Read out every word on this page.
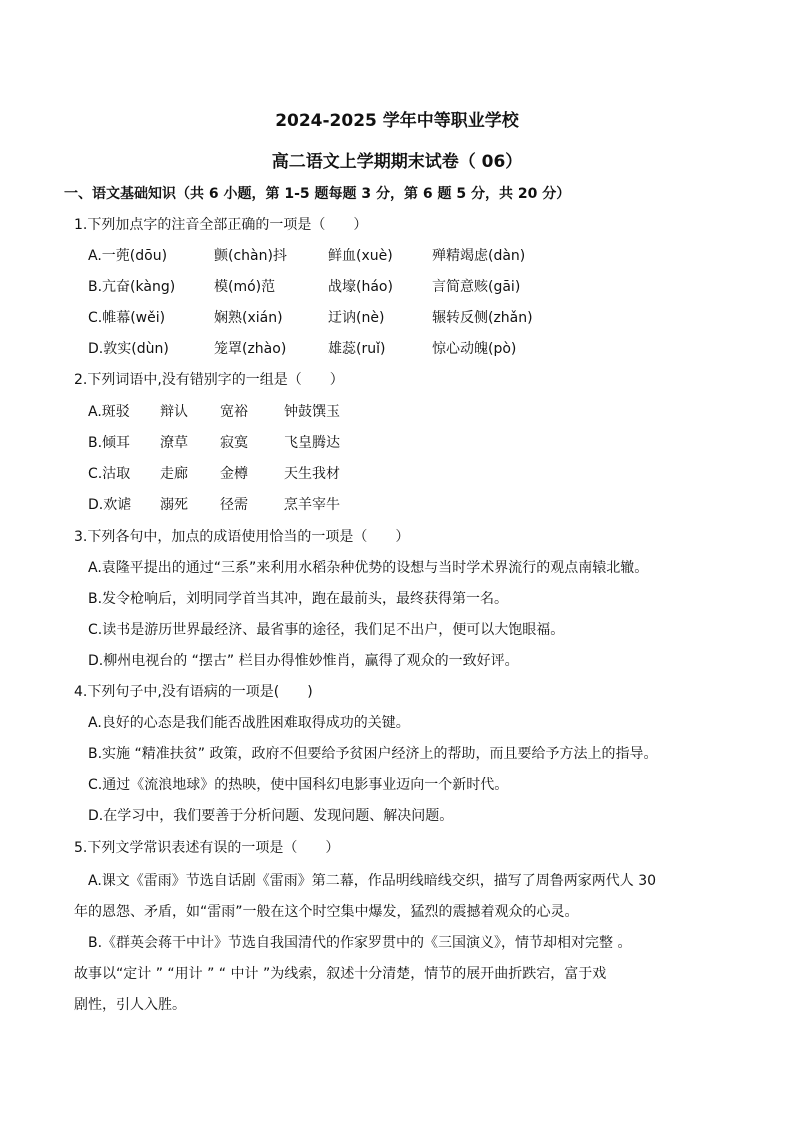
2024-2025 学年中等职业学校
高二语文上学期期末试卷（ 06）
一、语文基础知识（共 6 小题，第 1-5 题每题 3 分，第 6 题 5 分，共 20 分）
1.下列加点字的注音全部正确的一项是（　　）
A.一蔸(dōu)	颤(chàn)抖	鲜血(xuè)	殚精竭虑(dàn)
B.亢奋(kàng)	模(mó)范	战壕(háo)	言简意赅(gāi)
C.帷幕(wěi)	娴熟(xián)	迂讷(nè)	辗转反侧(zhǎn)
D.敦实(dùn)	笼罩(zhào)	雄蕊(ruǐ)	惊心动魄(pò)
2.下列词语中,没有错别字的一组是（　　）
A.斑驳 辩认 宽裕	钟鼓馔玉
B.倾耳 潦草 寂寞	飞皇腾达
C.沽取 走廊 金樽	天生我材
D.欢谑 溺死 径需	烹羊宰牛
3.下列各句中，加点的成语使用恰当的一项是（　　）
A.袁隆平提出的通过“三系”来利用水稻杂种优势的设想与当时学术界流行的观点南辕北辙。
B.发令枪响后，刘明同学首当其冲，跑在最前头，最终获得第一名。
C.读书是游历世界最经济、最省事的途径，我们足不出户，便可以大饱眼福。
D.柳州电视台的 “摆古” 栏目办得惟妙惟肖，赢得了观众的一致好评。
4.下列句子中,没有语病的一项是(　　)
A.良好的心态是我们能否战胜困难取得成功的关键。
B.实施 “精准扶贫” 政策，政府不但要给予贫困户经济上的帮助，而且要给予方法上的指导。
C.通过《流浪地球》的热映，使中国科幻电影事业迈向一个新时代。
D.在学习中，我们要善于分析问题、发现问题、解决问题。
5.下列文学常识表述有误的一项是（　　）
A.课文《雷雨》节选自话剧《雷雨》第二幕，作品明线暗线交织，描写了周鲁两家两代人 30
年的恩怨、矛盾，如“雷雨”一般在这个时空集中爆发，猛烈的震撼着观众的心灵。
B.《群英会蒋干中计》节选自我国清代的作家罗贯中的《三国演义》，情节却相对完整 。
故事以“定计 ” “用计 ” “ 中计 ”为线索，叙述十分清楚，情节的展开曲折跌宕，富于戏
剧性，引人入胜。
